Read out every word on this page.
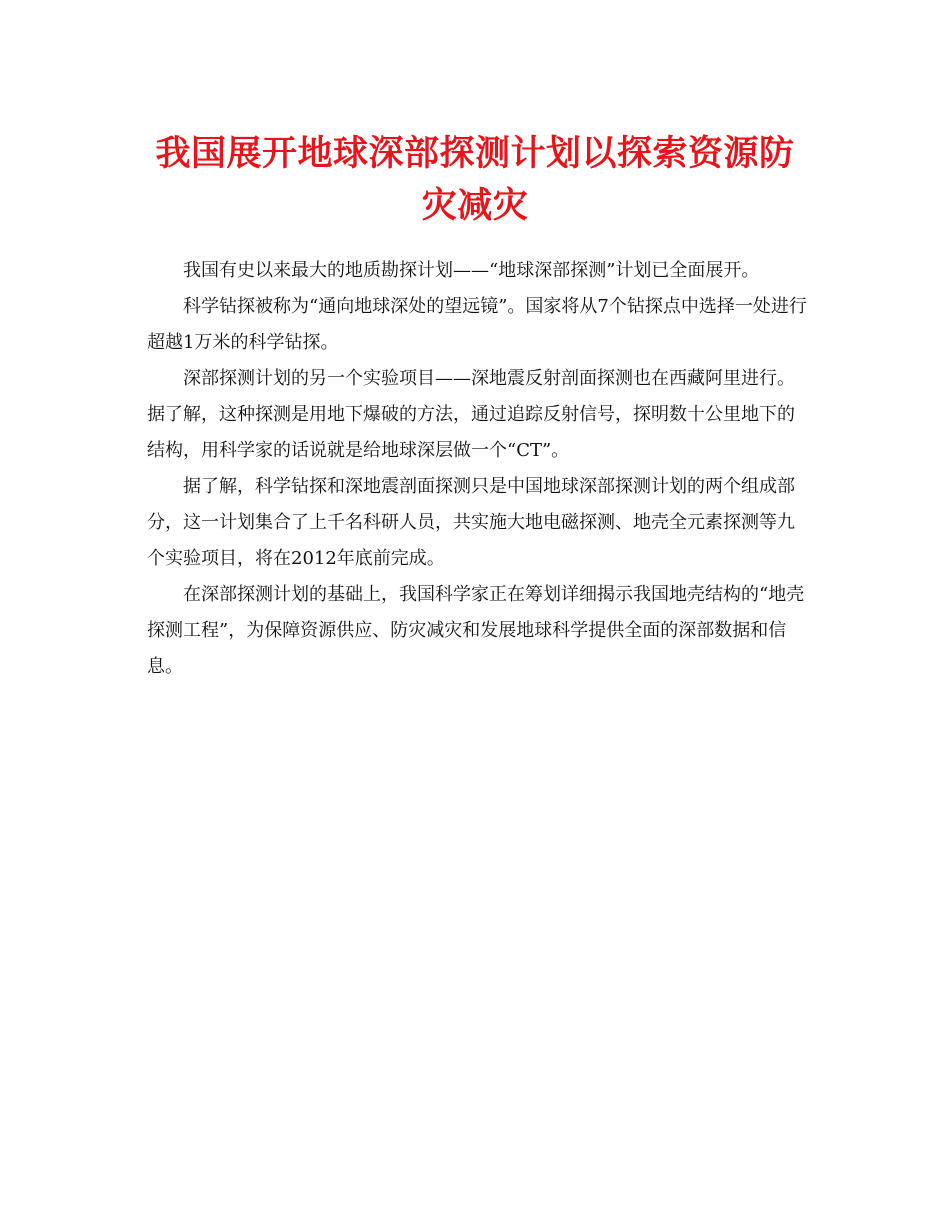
我国展开地球深部探测计划以探索资源防灾减灾

我国有史以来最大的地质勘探计划——“地球深部探测”计划已全面展开。

科学钻探被称为“通向地球深处的望远镜”。国家将从7个钻探点中选择一处进行超越1万米的科学钻探。

深部探测计划的另一个实验项目——深地震反射剖面探测也在西藏阿里进行。据了解，这种探测是用地下爆破的方法，通过追踪反射信号，探明数十公里地下的结构，用科学家的话说就是给地球深层做一个“CT”。

据了解，科学钻探和深地震剖面探测只是中国地球深部探测计划的两个组成部分，这一计划集合了上千名科研人员，共实施大地电磁探测、地壳全元素探测等九个实验项目，将在2012年底前完成。

在深部探测计划的基础上，我国科学家正在筹划详细揭示我国地壳结构的“地壳探测工程”，为保障资源供应、防灾减灾和发展地球科学提供全面的深部数据和信息。
